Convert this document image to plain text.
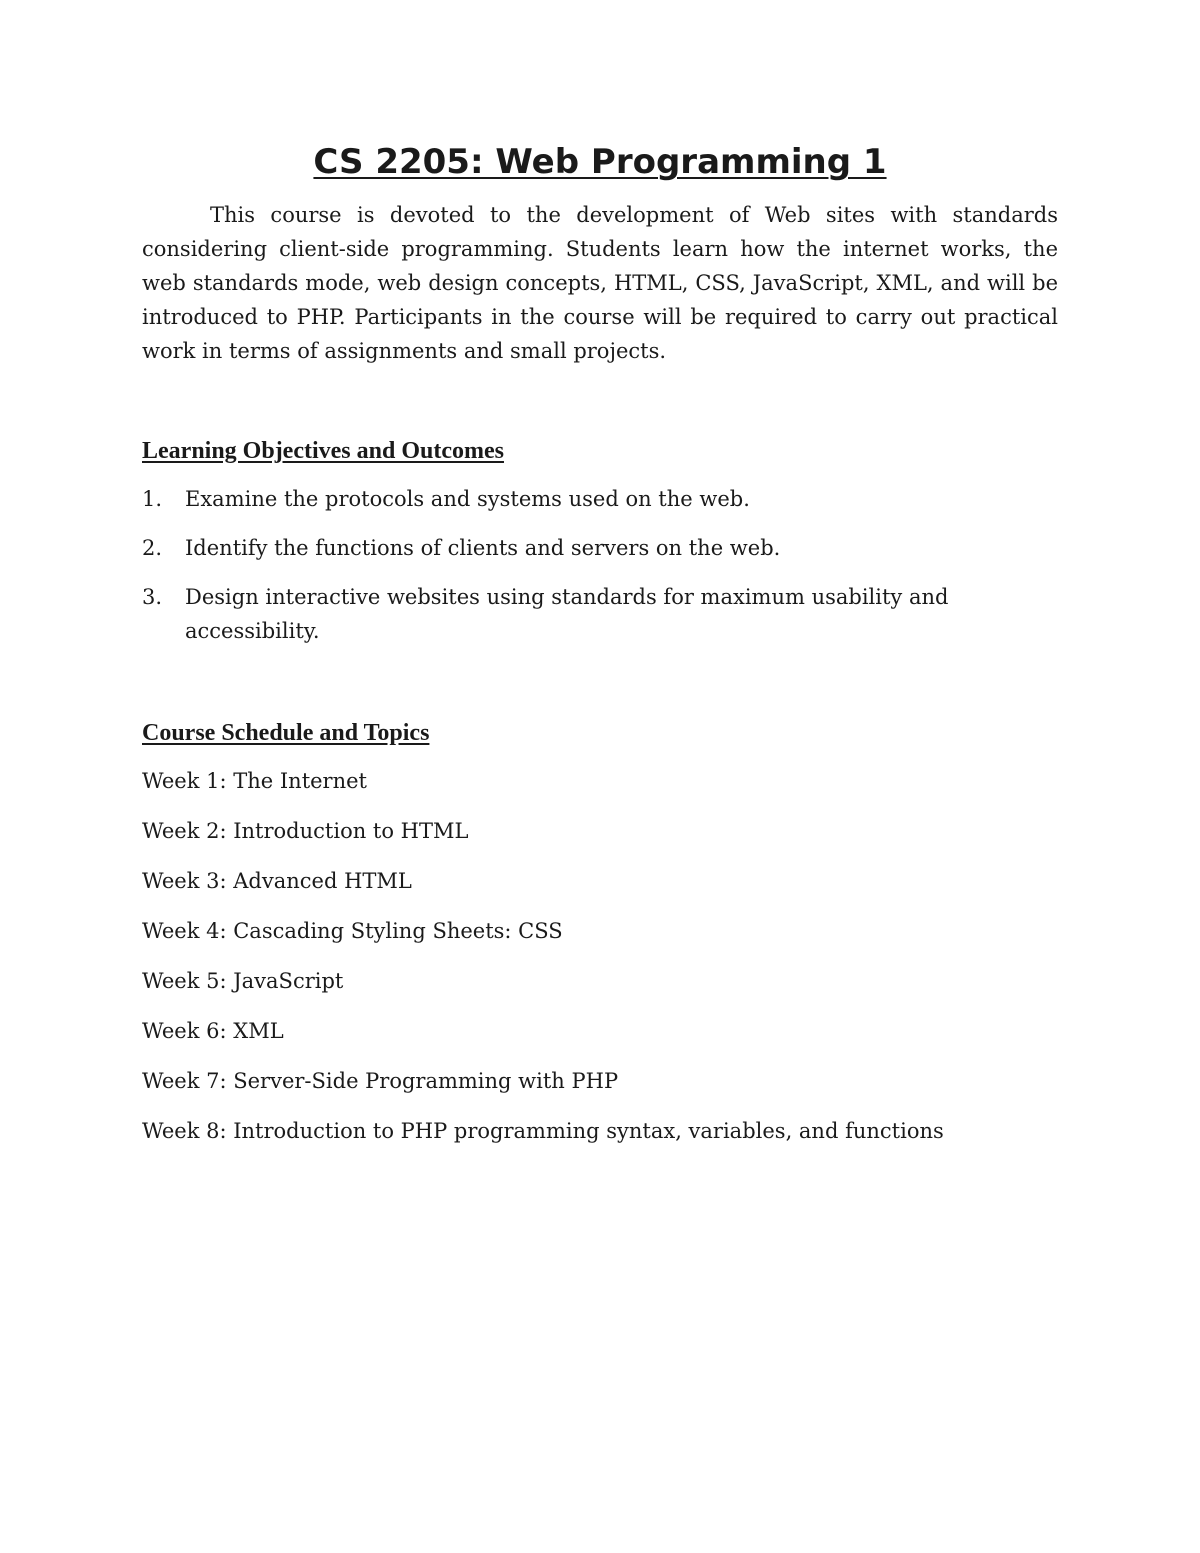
CS 2205: Web Programming 1

This course is devoted to the development of Web sites with standards considering client-side programming. Students learn how the internet works, the web standards mode, web design concepts, HTML, CSS, JavaScript, XML, and will be introduced to PHP. Participants in the course will be required to carry out practical work in terms of assignments and small projects.

Learning Objectives and Outcomes
1. Examine the protocols and systems used on the web.
2. Identify the functions of clients and servers on the web.
3. Design interactive websites using standards for maximum usability and accessibility.
Course Schedule and Topics
Week 1: The Internet
Week 2: Introduction to HTML
Week 3: Advanced HTML
Week 4: Cascading Styling Sheets: CSS
Week 5: JavaScript
Week 6: XML
Week 7: Server-Side Programming with PHP
Week 8: Introduction to PHP programming syntax, variables, and functions
